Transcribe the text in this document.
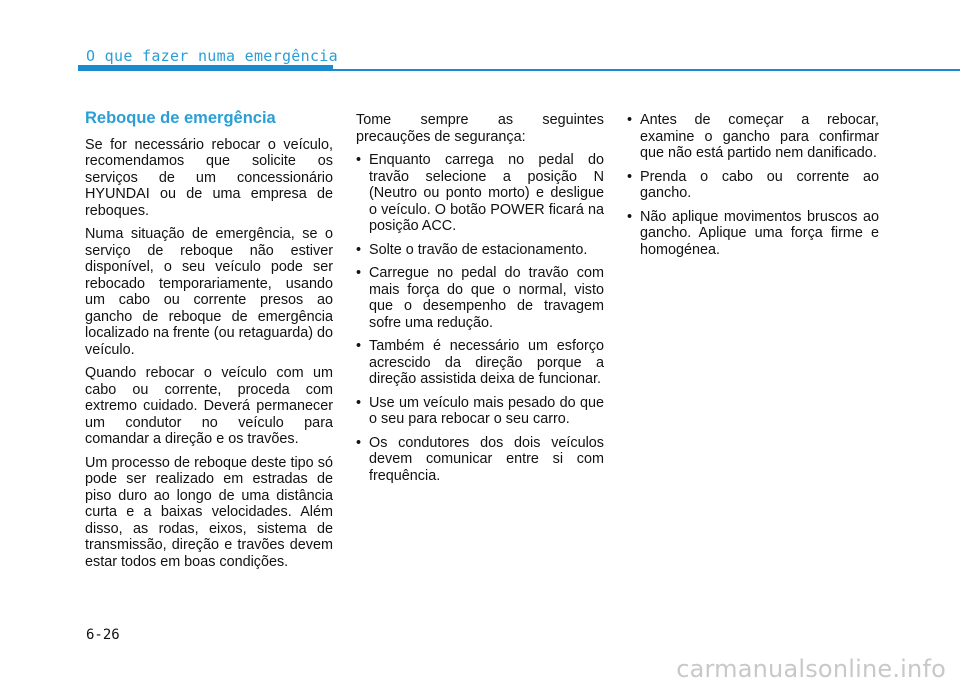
O que fazer numa emergência
Reboque de emergência

Se for necessário rebocar o veículo, recomendamos que solicite os serviços de um concessionário HYUNDAI ou de uma empresa de reboques.

Numa situação de emergência, se o serviço de reboque não estiver disponível, o seu veículo pode ser rebocado temporariamente, usando um cabo ou corrente presos ao gancho de reboque de emergência localizado na frente (ou retaguarda) do veículo.

Quando rebocar o veículo com um cabo ou corrente, proceda com extremo cuidado. Deverá permanecer um condutor no veículo para comandar a direção e os travões.

Um processo de reboque deste tipo só pode ser realizado em estradas de piso duro ao longo de uma distância curta e a baixas velocidades. Além disso, as rodas, eixos, sistema de transmissão, direção e travões devem estar todos em boas condições.

Tome sempre as seguintes precauções de segurança:

• Enquanto carrega no pedal do travão selecione a posição N (Neutro ou ponto morto) e desligue o veículo. O botão POWER ficará na posição ACC.
• Solte o travão de estacionamento.
• Carregue no pedal do travão com mais força do que o normal, visto que o desempenho de travagem sofre uma redução.
• Também é necessário um esforço acrescido da direção porque a direção assistida deixa de funcionar.
• Use um veículo mais pesado do que o seu para rebocar o seu carro.
• Os condutores dos dois veículos devem comunicar entre si com frequência.
• Antes de começar a rebocar, examine o gancho para confirmar que não está partido nem danificado.
• Prenda o cabo ou corrente ao gancho.
• Não aplique movimentos bruscos ao gancho. Aplique uma força firme e homogénea.
6-26
carmanualsonline.info
